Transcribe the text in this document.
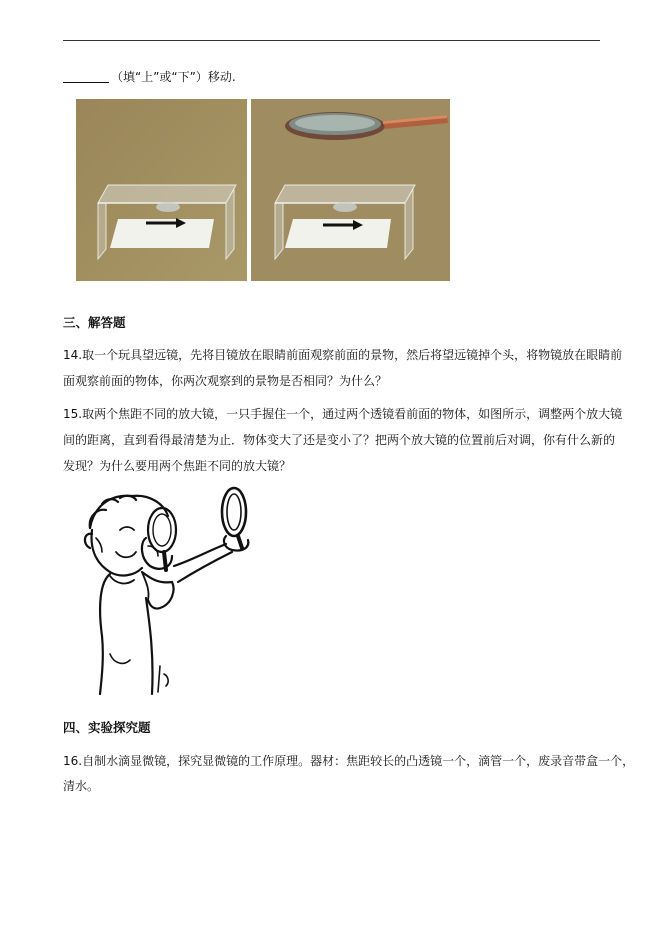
（填“上”或“下”）移动.
三、解答题
14.取一个玩具望远镜，先将目镜放在眼睛前面观察前面的景物，然后将望远镜掉个头，将物镜放在眼睛前
面观察前面的物体，你两次观察到的景物是否相同？为什么？
15.取两个焦距不同的放大镜，一只手握住一个，通过两个透镜看前面的物体，如图所示，调整两个放大镜
间的距离，直到看得最清楚为止．物体变大了还是变小了？把两个放大镜的位置前后对调，你有什么新的
发现？为什么要用两个焦距不同的放大镜？
四、实验探究题
16.自制水滴显微镜，探究显微镜的工作原理。器材：焦距较长的凸透镜一个，滴管一个，废录音带盒一个，
清水。
